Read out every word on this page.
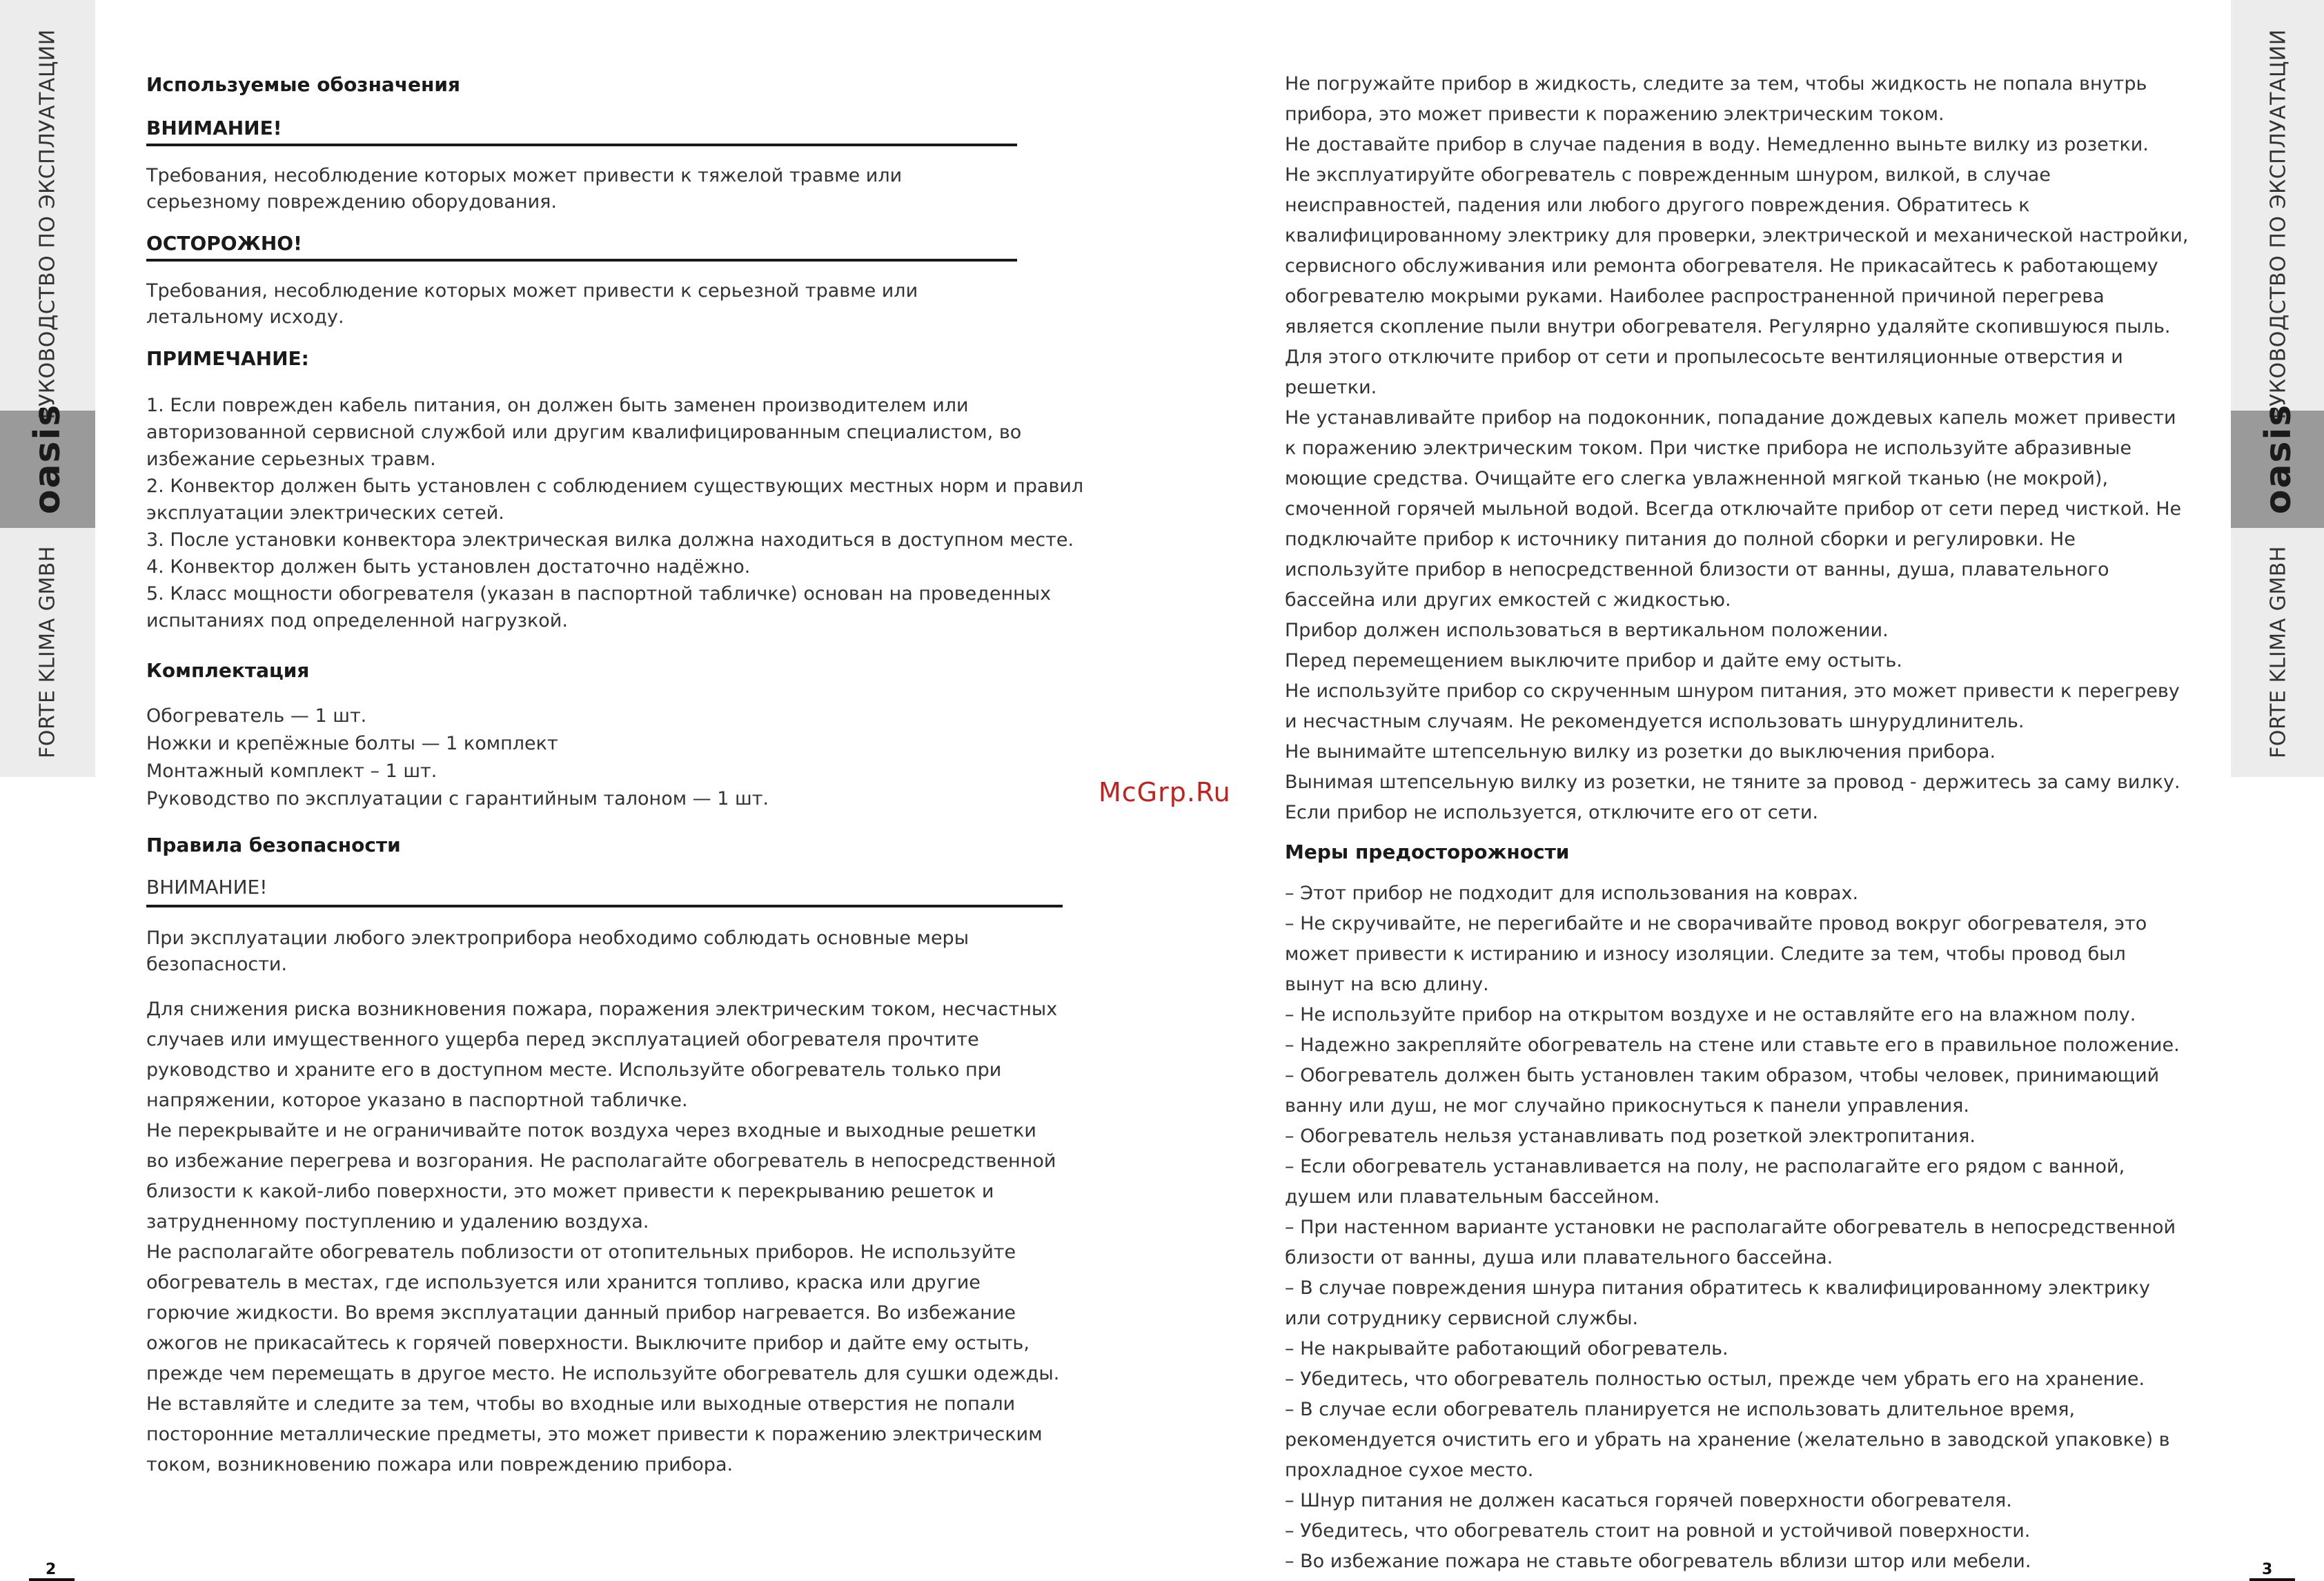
РУКОВОДСТВО ПО ЭКСПЛУАТАЦИИ
oasis
FORTE KLIMA GMBH
РУКОВОДСТВО ПО ЭКСПЛУАТАЦИИ
oasis
FORTE KLIMA GMBH
McGrp.Ru
2	3
Используемые обозначения
ВНИМАНИЕ!
Требования, несоблюдение которых может привести к тяжелой травме или серьезному повреждению оборудования.
ОСТОРОЖНО!
Требования, несоблюдение которых может привести к серьезной травме или летальному исходу.
ПРИМЕЧАНИЕ:
1. Если поврежден кабель питания, он должен быть заменен производителем или авторизованной сервисной службой или другим квалифицированным специалистом, во избежание серьезных травм.
2. Конвектор должен быть установлен с соблюдением существующих местных норм и правил эксплуатации электрических сетей.
3. После установки конвектора электрическая вилка должна находиться в доступном месте.
4. Конвектор должен быть установлен достаточно надёжно.
5. Класс мощности обогревателя (указан в паспортной табличке) основан на проведенных испытаниях под определенной нагрузкой.
Комплектация
Обогреватель — 1 шт.
Ножки и крепёжные болты — 1 комплект
Монтажный комплект – 1 шт.
Руководство по эксплуатации с гарантийным талоном — 1 шт.
Правила безопасности
ВНИМАНИЕ!
При эксплуатации любого электроприбора необходимо соблюдать основные меры безопасности.
Для снижения риска возникновения пожара, поражения электрическим током, несчастных случаев или имущественного ущерба перед эксплуатацией обогревателя прочтите руководство и храните его в доступном месте. Используйте обогреватель только при напряжении, которое указано в паспортной табличке.
Не перекрывайте и не ограничивайте поток воздуха через входные и выходные решетки во избежание перегрева и возгорания. Не располагайте обогреватель в непосредственной близости к какой-либо поверхности, это может привести к перекрыванию решеток и затрудненному поступлению и удалению воздуха.
Не располагайте обогреватель поблизости от отопительных приборов. Не используйте обогреватель в местах, где используется или хранится топливо, краска или другие горючие жидкости. Во время эксплуатации данный прибор нагревается. Во избежание ожогов не прикасайтесь к горячей поверхности. Выключите прибор и дайте ему остыть, прежде чем перемещать в другое место. Не используйте обогреватель для сушки одежды.
Не вставляйте и следите за тем, чтобы во входные или выходные отверстия не попали посторонние металлические предметы, это может привести к поражению электрическим током, возникновению пожара или повреждению прибора.
Не погружайте прибор в жидкость, следите за тем, чтобы жидкость не попала внутрь прибора, это может привести к поражению электрическим током.
Не доставайте прибор в случае падения в воду. Немедленно выньте вилку из розетки.
Не эксплуатируйте обогреватель с поврежденным шнуром, вилкой, в случае неисправностей, падения или любого другого повреждения. Обратитесь к квалифицированному электрику для проверки, электрической и механической настройки, сервисного обслуживания или ремонта обогревателя. Не прикасайтесь к работающему обогревателю мокрыми руками. Наиболее распространенной причиной перегрева является скопление пыли внутри обогревателя. Регулярно удаляйте скопившуюся пыль. Для этого отключите прибор от сети и пропылесосьте вентиляционные отверстия и решетки.
Не устанавливайте прибор на подоконник, попадание дождевых капель может привести к поражению электрическим током. При чистке прибора не используйте абразивные моющие средства. Очищайте его слегка увлажненной мягкой тканью (не мокрой), смоченной горячей мыльной водой. Всегда отключайте прибор от сети перед чисткой. Не подключайте прибор к источнику питания до полной сборки и регулировки. Не используйте прибор в непосредственной близости от ванны, душа, плавательного бассейна или других емкостей с жидкостью.
Прибор должен использоваться в вертикальном положении.
Перед перемещением выключите прибор и дайте ему остыть.
Не используйте прибор со скрученным шнуром питания, это может привести к перегреву и несчастным случаям. Не рекомендуется использовать шнурудлинитель.
Не вынимайте штепсельную вилку из розетки до выключения прибора.
Вынимая штепсельную вилку из розетки, не тяните за провод - держитесь за саму вилку.
Если прибор не используется, отключите его от сети.
Меры предосторожности
– Этот прибор не подходит для использования на коврах.
– Не скручивайте, не перегибайте и не сворачивайте провод вокруг обогревателя, это может привести к истиранию и износу изоляции. Следите за тем, чтобы провод был вынут на всю длину.
– Не используйте прибор на открытом воздухе и не оставляйте его на влажном полу.
– Надежно закрепляйте обогреватель на стене или ставьте его в правильное положение.
– Обогреватель должен быть установлен таким образом, чтобы человек, принимающий ванну или душ, не мог случайно прикоснуться к панели управления.
– Обогреватель нельзя устанавливать под розеткой электропитания.
– Если обогреватель устанавливается на полу, не располагайте его рядом с ванной, душем или плавательным бассейном.
– При настенном варианте установки не располагайте обогреватель в непосредственной близости от ванны, душа или плавательного бассейна.
– В случае повреждения шнура питания обратитесь к квалифицированному электрику или сотруднику сервисной службы.
– Не накрывайте работающий обогреватель.
– Убедитесь, что обогреватель полностью остыл, прежде чем убрать его на хранение.
– В случае если обогреватель планируется не использовать длительное время, рекомендуется очистить его и убрать на хранение (желательно в заводской упаковке) в прохладное сухое место.
– Шнур питания не должен касаться горячей поверхности обогревателя.
– Убедитесь, что обогреватель стоит на ровной и устойчивой поверхности.
– Во избежание пожара не ставьте обогреватель вблизи штор или мебели.
